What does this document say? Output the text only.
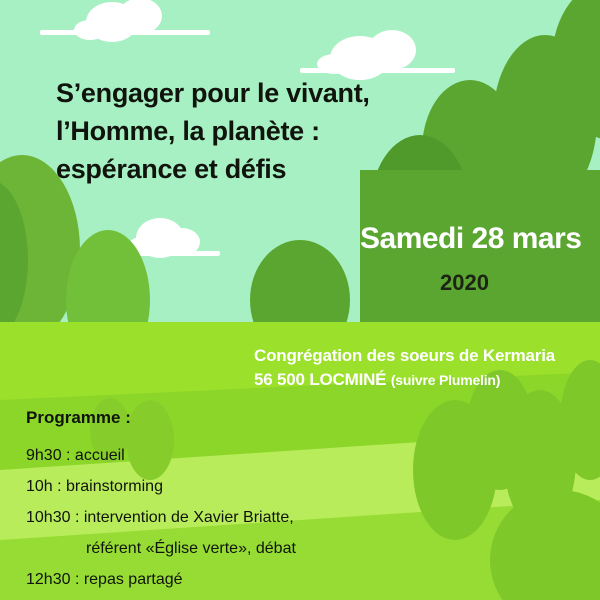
S’engager pour le vivant,
l’Homme, la planète :
espérance et défis
Samedi 28 mars
2020
Congrégation des soeurs de Kermaria
56 500 LOCMINÉ (suivre Plumelin)
Programme :
9h30 : accueil
10h : brainstorming
10h30 : intervention de Xavier Briatte,
référent «Église verte», débat
12h30 : repas partagé
